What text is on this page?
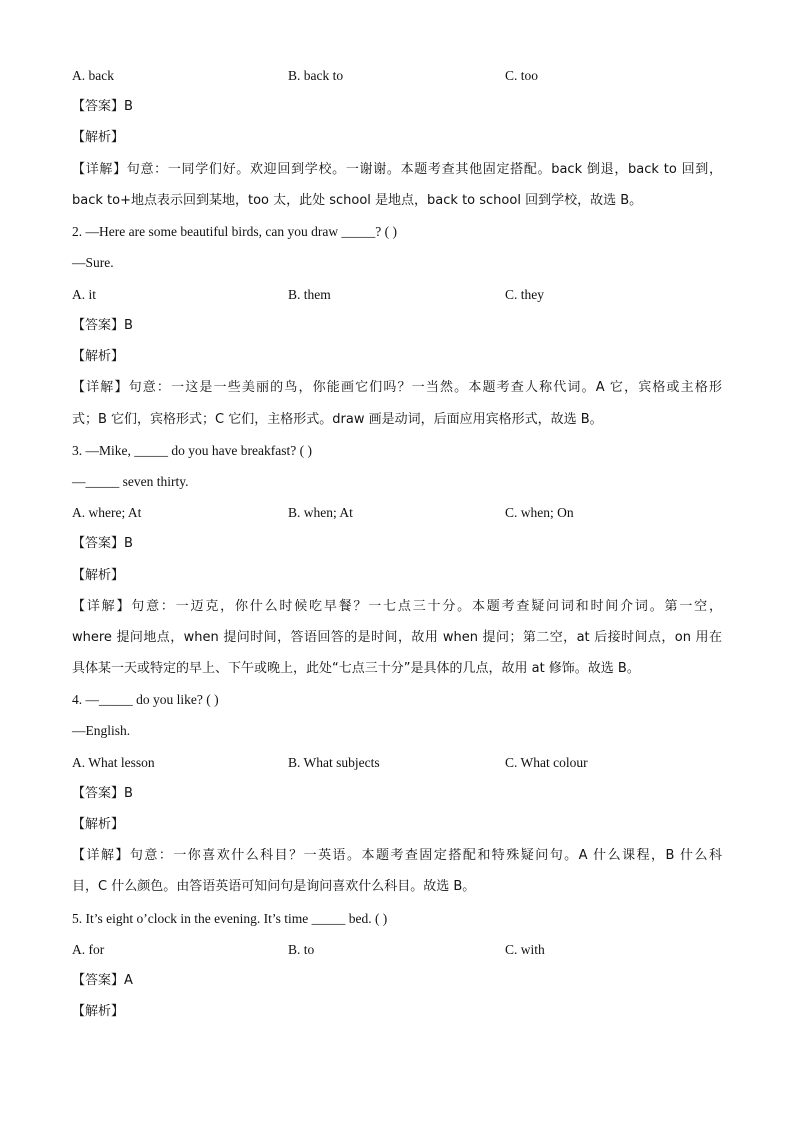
A. back	B. back to	C. too
【答案】B
【解析】
【详解】句意：一同学们好。欢迎回到学校。一谢谢。本题考查其他固定搭配。back 倒退，back to 回到，
back to+地点表示回到某地，too 太，此处 school 是地点，back to school 回到学校，故选 B。
2. —Here are some beautiful birds, can you draw _____? ( )
—Sure.
A. it	B. them	C. they
【答案】B
【解析】
【详解】句意：一这是一些美丽的鸟，你能画它们吗？一当然。本题考查人称代词。A 它，宾格或主格形
式；B 它们，宾格形式；C 它们，主格形式。draw 画是动词，后面应用宾格形式，故选 B。
3. —Mike, _____ do you have breakfast? ( )
—_____ seven thirty.
A. where; At	B. when; At	C. when; On
【答案】B
【解析】
【详解】句意：一迈克，你什么时候吃早餐？一七点三十分。本题考查疑问词和时间介词。第一空，
where 提问地点，when 提问时间，答语回答的是时间，故用 when 提问；第二空，at 后接时间点，on 用在
具体某一天或特定的早上、下午或晚上，此处“七点三十分”是具体的几点，故用 at 修饰。故选 B。
4. —_____ do you like? ( )
—English.
A. What lesson	B. What subjects	C. What colour
【答案】B
【解析】
【详解】句意：一你喜欢什么科目？一英语。本题考查固定搭配和特殊疑问句。A 什么课程，B 什么科
目，C 什么颜色。由答语英语可知问句是询问喜欢什么科目。故选 B。
5. It’s eight o’clock in the evening. It’s time _____ bed. ( )
A. for	B. to	C. with
【答案】A
【解析】
